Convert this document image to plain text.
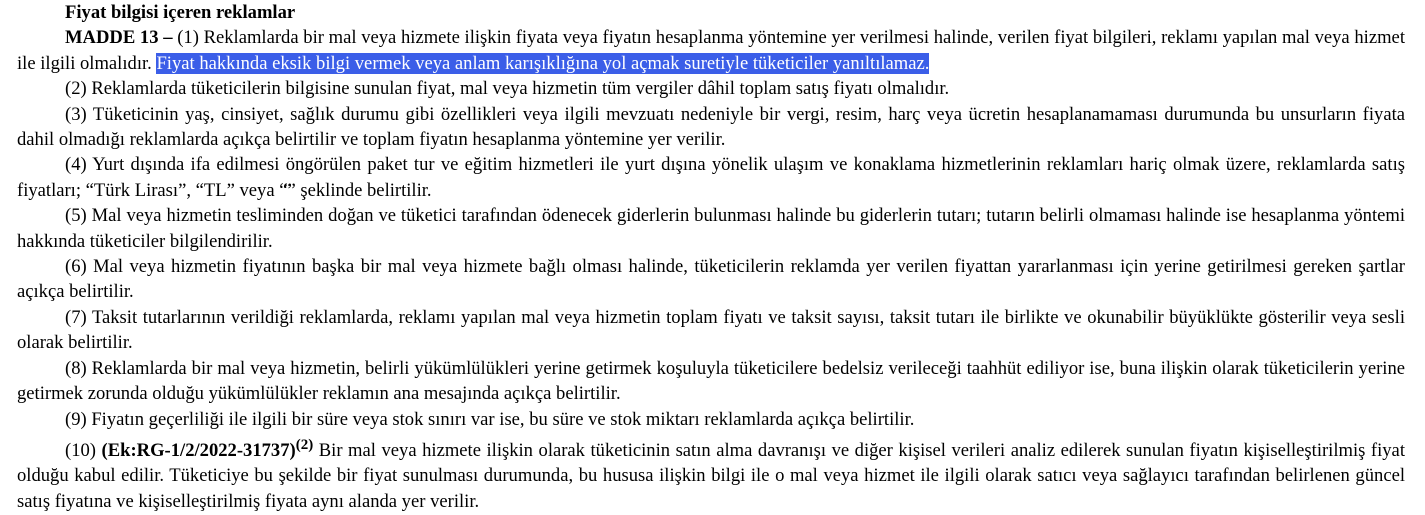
Fiyat bilgisi içeren reklamlar

MADDE 13 – (1) Reklamlarda bir mal veya hizmete ilişkin fiyata veya fiyatın hesaplanma yöntemine yer verilmesi halinde, verilen fiyat bilgileri, reklamı yapılan mal veya hizmet ile ilgili olmalıdır. Fiyat hakkında eksik bilgi vermek veya anlam karışıklığına yol açmak suretiyle tüketiciler yanıltılamaz.

(2) Reklamlarda tüketicilerin bilgisine sunulan fiyat, mal veya hizmetin tüm vergiler dâhil toplam satış fiyatı olmalıdır.

(3) Tüketicinin yaş, cinsiyet, sağlık durumu gibi özellikleri veya ilgili mevzuatı nedeniyle bir vergi, resim, harç veya ücretin hesaplanamaması durumunda bu unsurların fiyata dahil olmadığı reklamlarda açıkça belirtilir ve toplam fiyatın hesaplanma yöntemine yer verilir.

(4) Yurt dışında ifa edilmesi öngörülen paket tur ve eğitim hizmetleri ile yurt dışına yönelik ulaşım ve konaklama hizmetlerinin reklamları hariç olmak üzere, reklamlarda satış fiyatları; “Türk Lirası”, “TL” veya “̈” şeklinde belirtilir.

(5) Mal veya hizmetin tesliminden doğan ve tüketici tarafından ödenecek giderlerin bulunması halinde bu giderlerin tutarı; tutarın belirli olmaması halinde ise hesaplanma yöntemi hakkında tüketiciler bilgilendirilir.

(6) Mal veya hizmetin fiyatının başka bir mal veya hizmete bağlı olması halinde, tüketicilerin reklamda yer verilen fiyattan yararlanması için yerine getirilmesi gereken şartlar açıkça belirtilir.

(7) Taksit tutarlarının verildiği reklamlarda, reklamı yapılan mal veya hizmetin toplam fiyatı ve taksit sayısı, taksit tutarı ile birlikte ve okunabilir büyüklükte gösterilir veya sesli olarak belirtilir.

(8) Reklamlarda bir mal veya hizmetin, belirli yükümlülükleri yerine getirmek koşuluyla tüketicilere bedelsiz verileceği taahhüt ediliyor ise, buna ilişkin olarak tüketicilerin yerine getirmek zorunda olduğu yükümlülükler reklamın ana mesajında açıkça belirtilir.

(9) Fiyatın geçerliliği ile ilgili bir süre veya stok sınırı var ise, bu süre ve stok miktarı reklamlarda açıkça belirtilir.

(10) (Ek:RG-1/2/2022-31737)$^{(2)}$ Bir mal veya hizmete ilişkin olarak tüketicinin satın alma davranışı ve diğer kişisel verileri analiz edilerek sunulan fiyatın kişiselleştirilmiş fiyat olduğu kabul edilir. Tüketiciye bu şekilde bir fiyat sunulması durumunda, bu hususa ilişkin bilgi ile o mal veya hizmet ile ilgili olarak satıcı veya sağlayıcı tarafından belirlenen güncel satış fiyatına ve kişiselleştirilmiş fiyata aynı alanda yer verilir.
